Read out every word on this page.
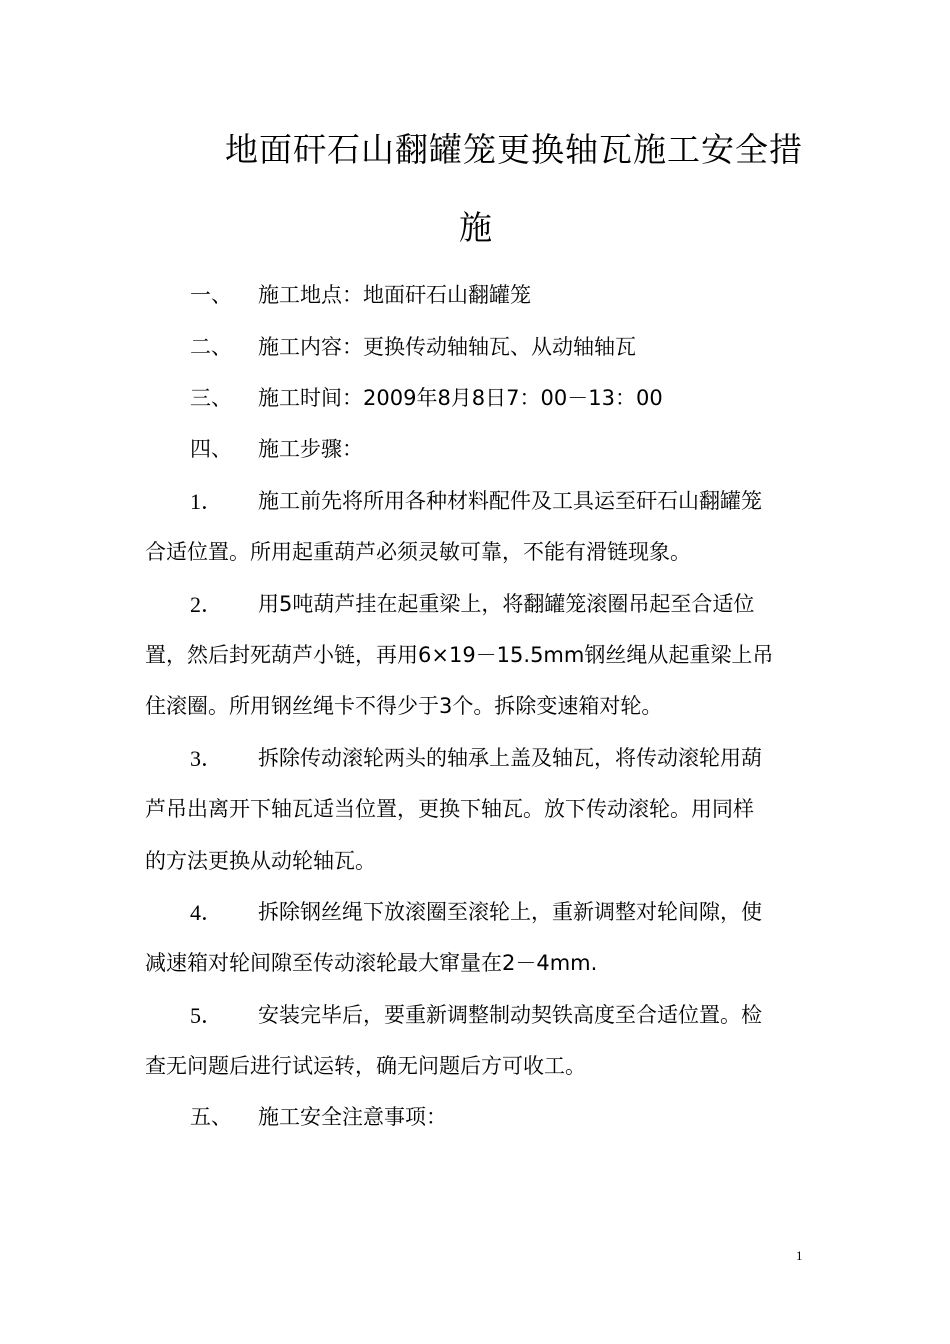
地面矸石山翻罐笼更换轴瓦施工安全措
施
一、 施工地点：地面矸石山翻罐笼
二、 施工内容：更换传动轴轴瓦、从动轴轴瓦
三、 施工时间：2009年8月8日7：00－13：00
四、 施工步骤：
1． 施工前先将所用各种材料配件及工具运至矸石山翻罐笼
合适位置。所用起重葫芦必须灵敏可靠，不能有滑链现象。
2． 用5吨葫芦挂在起重梁上，将翻罐笼滚圈吊起至合适位
置，然后封死葫芦小链，再用6×19－15.5mm钢丝绳从起重梁上吊
住滚圈。所用钢丝绳卡不得少于3个。拆除变速箱对轮。
3． 拆除传动滚轮两头的轴承上盖及轴瓦，将传动滚轮用葫
芦吊出离开下轴瓦适当位置，更换下轴瓦。放下传动滚轮。用同样
的方法更换从动轮轴瓦。
4． 拆除钢丝绳下放滚圈至滚轮上，重新调整对轮间隙，使
减速箱对轮间隙至传动滚轮最大窜量在2－4mm.
5． 安装完毕后，要重新调整制动契铁高度至合适位置。检
查无问题后进行试运转，确无问题后方可收工。
五、 施工安全注意事项：
1
